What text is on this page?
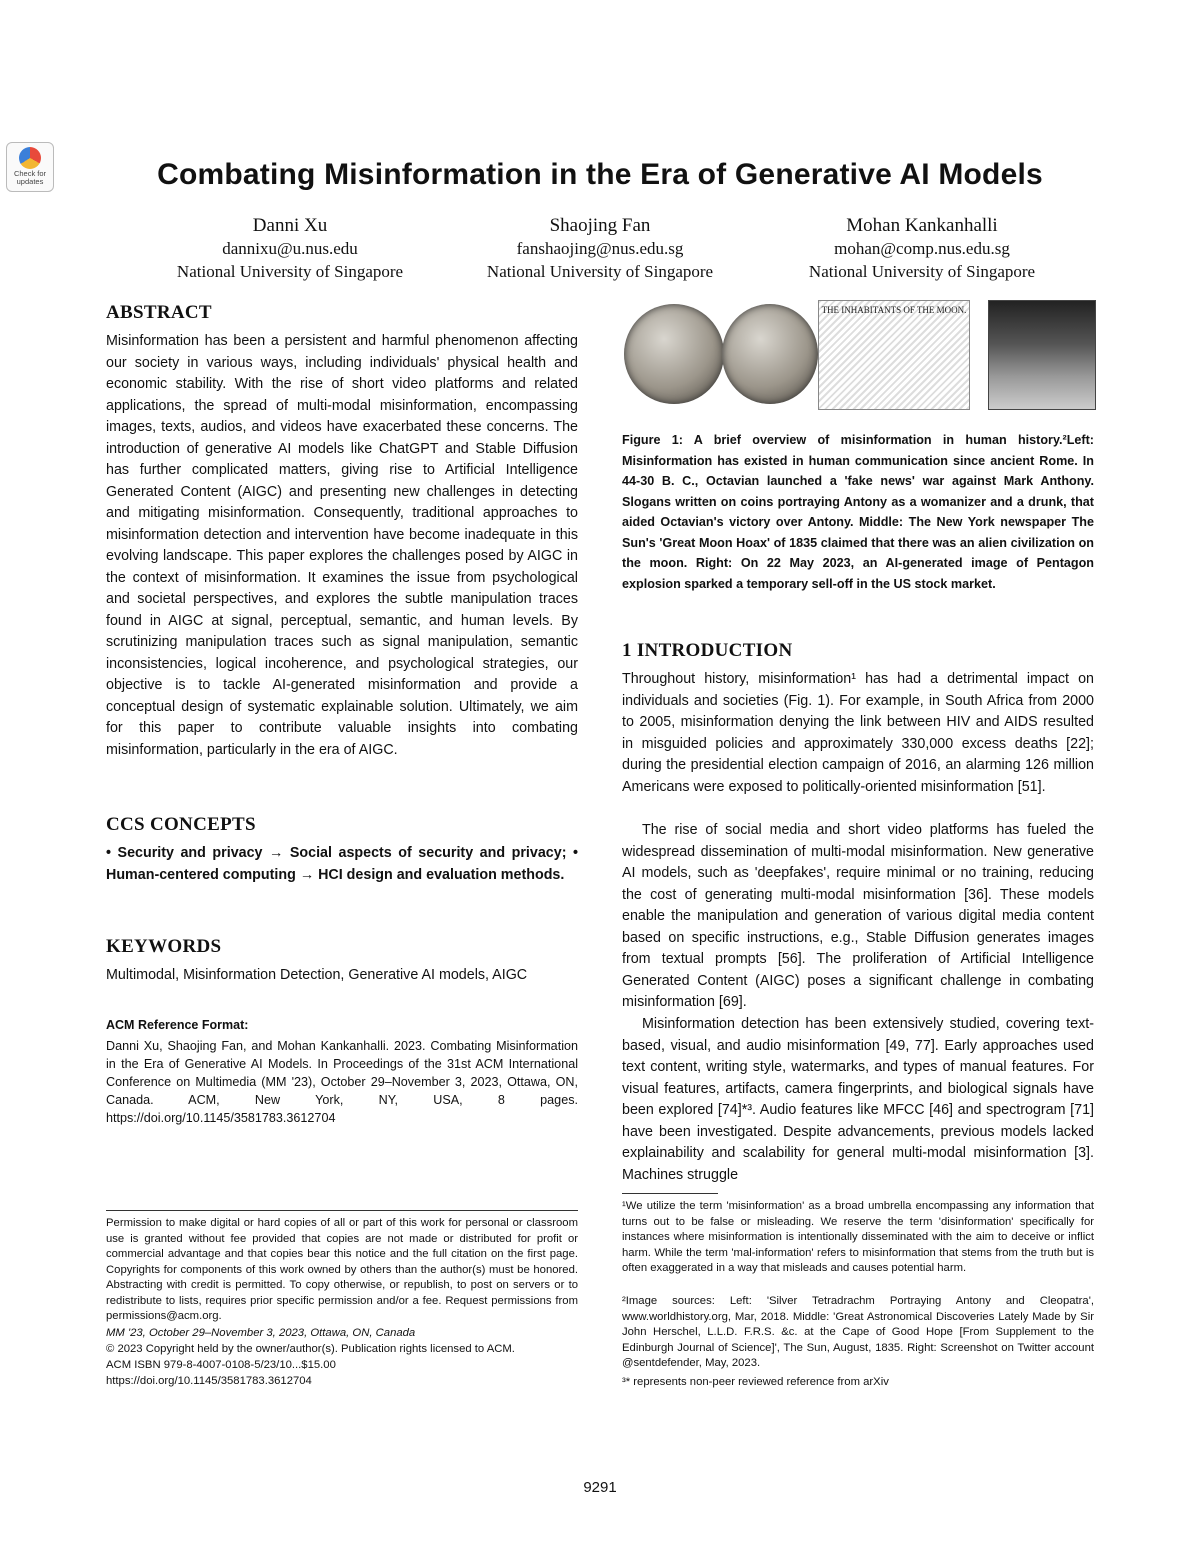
Check for updates	Combating Misinformation in the Era of Generative AI Models
Danni Xu
dannixu@u.nus.edu
National University of Singapore
Shaojing Fan
fanshaojing@nus.edu.sg
National University of Singapore
Mohan Kankanhalli
mohan@comp.nus.edu.sg
National University of Singapore
ABSTRACT
Misinformation has been a persistent and harmful phenomenon affecting our society in various ways, including individuals' physical health and economic stability. With the rise of short video platforms and related applications, the spread of multi-modal misinformation, encompassing images, texts, audios, and videos have exacerbated these concerns. The introduction of generative AI models like ChatGPT and Stable Diffusion has further complicated matters, giving rise to Artificial Intelligence Generated Content (AIGC) and presenting new challenges in detecting and mitigating misinformation. Consequently, traditional approaches to misinformation detection and intervention have become inadequate in this evolving landscape. This paper explores the challenges posed by AIGC in the context of misinformation. It examines the issue from psychological and societal perspectives, and explores the subtle manipulation traces found in AIGC at signal, perceptual, semantic, and human levels. By scrutinizing manipulation traces such as signal manipulation, semantic inconsistencies, logical incoherence, and psychological strategies, our objective is to tackle AI-generated misinformation and provide a conceptual design of systematic explainable solution. Ultimately, we aim for this paper to contribute valuable insights into combating misinformation, particularly in the era of AIGC.
CCS CONCEPTS
• Security and privacy → Social aspects of security and privacy; • Human-centered computing → HCI design and evaluation methods.
KEYWORDS
Multimodal, Misinformation Detection, Generative AI models, AIGC
ACM Reference Format:
Danni Xu, Shaojing Fan, and Mohan Kankanhalli. 2023. Combating Misinformation in the Era of Generative AI Models. In Proceedings of the 31st ACM International Conference on Multimedia (MM '23), October 29–November 3, 2023, Ottawa, ON, Canada. ACM, New York, NY, USA, 8 pages. https://doi.org/10.1145/3581783.3612704
Permission to make digital or hard copies of all or part of this work for personal or classroom use is granted without fee provided that copies are not made or distributed for profit or commercial advantage and that copies bear this notice and the full citation on the first page. Copyrights for components of this work owned by others than the author(s) must be honored. Abstracting with credit is permitted. To copy otherwise, or republish, to post on servers or to redistribute to lists, requires prior specific permission and/or a fee. Request permissions from permissions@acm.org.
MM '23, October 29–November 3, 2023, Ottawa, ON, Canada
© 2023 Copyright held by the owner/author(s). Publication rights licensed to ACM.
ACM ISBN 979-8-4007-0108-5/23/10...$15.00
https://doi.org/10.1145/3581783.3612704
THE INHABITANTS OF THE MOON.
Figure 1: A brief overview of misinformation in human history.²Left: Misinformation has existed in human communication since ancient Rome. In 44-30 B. C., Octavian launched a 'fake news' war against Mark Anthony. Slogans written on coins portraying Antony as a womanizer and a drunk, that aided Octavian's victory over Antony. Middle: The New York newspaper The Sun's 'Great Moon Hoax' of 1835 claimed that there was an alien civilization on the moon. Right: On 22 May 2023, an AI-generated image of Pentagon explosion sparked a temporary sell-off in the US stock market.
1 INTRODUCTION
Throughout history, misinformation¹ has had a detrimental impact on individuals and societies (Fig. 1). For example, in South Africa from 2000 to 2005, misinformation denying the link between HIV and AIDS resulted in misguided policies and approximately 330,000 excess deaths [22]; during the presidential election campaign of 2016, an alarming 126 million Americans were exposed to politically-oriented misinformation [51].
The rise of social media and short video platforms has fueled the widespread dissemination of multi-modal misinformation. New generative AI models, such as 'deepfakes', require minimal or no training, reducing the cost of generating multi-modal misinformation [36]. These models enable the manipulation and generation of various digital media content based on specific instructions, e.g., Stable Diffusion generates images from textual prompts [56]. The proliferation of Artificial Intelligence Generated Content (AIGC) poses a significant challenge in combating misinformation [69].
Misinformation detection has been extensively studied, covering text-based, visual, and audio misinformation [49, 77]. Early approaches used text content, writing style, watermarks, and types of manual features. For visual features, artifacts, camera fingerprints, and biological signals have been explored [74]*³. Audio features like MFCC [46] and spectrogram [71] have been investigated. Despite advancements, previous models lacked explainability and scalability for general multi-modal misinformation [3]. Machines struggle
¹We utilize the term 'misinformation' as a broad umbrella encompassing any information that turns out to be false or misleading. We reserve the term 'disinformation' specifically for instances where misinformation is intentionally disseminated with the aim to deceive or inflict harm. While the term 'mal-information' refers to misinformation that stems from the truth but is often exaggerated in a way that misleads and causes potential harm.
²Image sources: Left: 'Silver Tetradrachm Portraying Antony and Cleopatra', www.worldhistory.org, Mar, 2018. Middle: 'Great Astronomical Discoveries Lately Made by Sir John Herschel, L.L.D. F.R.S. &c. at the Cape of Good Hope [From Supplement to the Edinburgh Journal of Science]', The Sun, August, 1835. Right: Screenshot on Twitter account @sentdefender, May, 2023.
³* represents non-peer reviewed reference from arXiv
9291
